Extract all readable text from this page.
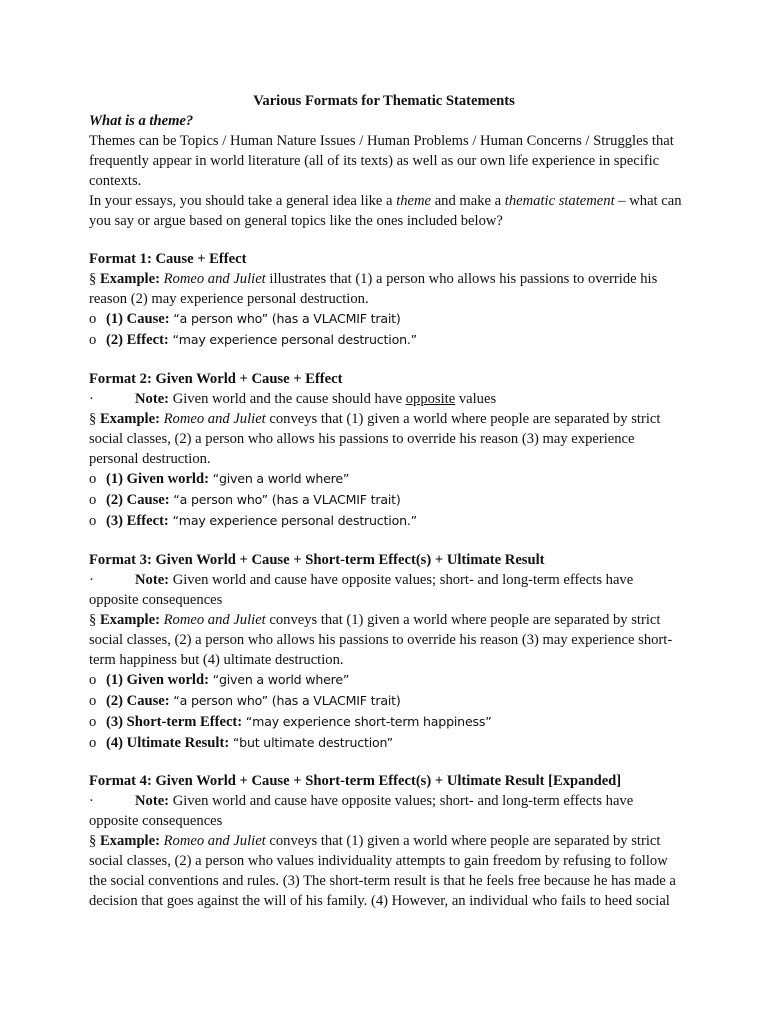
Various Formats for Thematic Statements
What is a theme?
Themes can be Topics / Human Nature Issues / Human Problems / Human Concerns / Struggles that
frequently appear in world literature (all of its texts) as well as our own life experience in specific
contexts.
In your essays, you should take a general idea like a theme and make a thematic statement – what can
you say or argue based on general topics like the ones included below?
Format 1: Cause + Effect
§ Example: Romeo and Juliet illustrates that (1) a person who allows his passions to override his
reason (2) may experience personal destruction.
o (1) Cause: “a person who” (has a VLACMIF trait)
o (2) Effect: “may experience personal destruction.”
Format 2: Given World + Cause + Effect
·	Note: Given world and the cause should have opposite values
§ Example: Romeo and Juliet conveys that (1) given a world where people are separated by strict
social classes, (2) a person who allows his passions to override his reason (3) may experience
personal destruction.
o (1) Given world: “given a world where”
o (2) Cause: “a person who” (has a VLACMIF trait)
o (3) Effect: “may experience personal destruction.”
Format 3: Given World + Cause + Short-term Effect(s) + Ultimate Result
·	Note: Given world and cause have opposite values; short- and long-term effects have
opposite consequences
§ Example: Romeo and Juliet conveys that (1) given a world where people are separated by strict
social classes, (2) a person who allows his passions to override his reason (3) may experience short-
term happiness but (4) ultimate destruction.
o (1) Given world: “given a world where”
o (2) Cause: “a person who” (has a VLACMIF trait)
o (3) Short-term Effect: “may experience short-term happiness”
o (4) Ultimate Result: “but ultimate destruction”
Format 4: Given World + Cause + Short-term Effect(s) + Ultimate Result [Expanded]
·	Note: Given world and cause have opposite values; short- and long-term effects have
opposite consequences
§ Example: Romeo and Juliet conveys that (1) given a world where people are separated by strict
social classes, (2) a person who values individuality attempts to gain freedom by refusing to follow
the social conventions and rules. (3) The short-term result is that he feels free because he has made a
decision that goes against the will of his family. (4) However, an individual who fails to heed social
